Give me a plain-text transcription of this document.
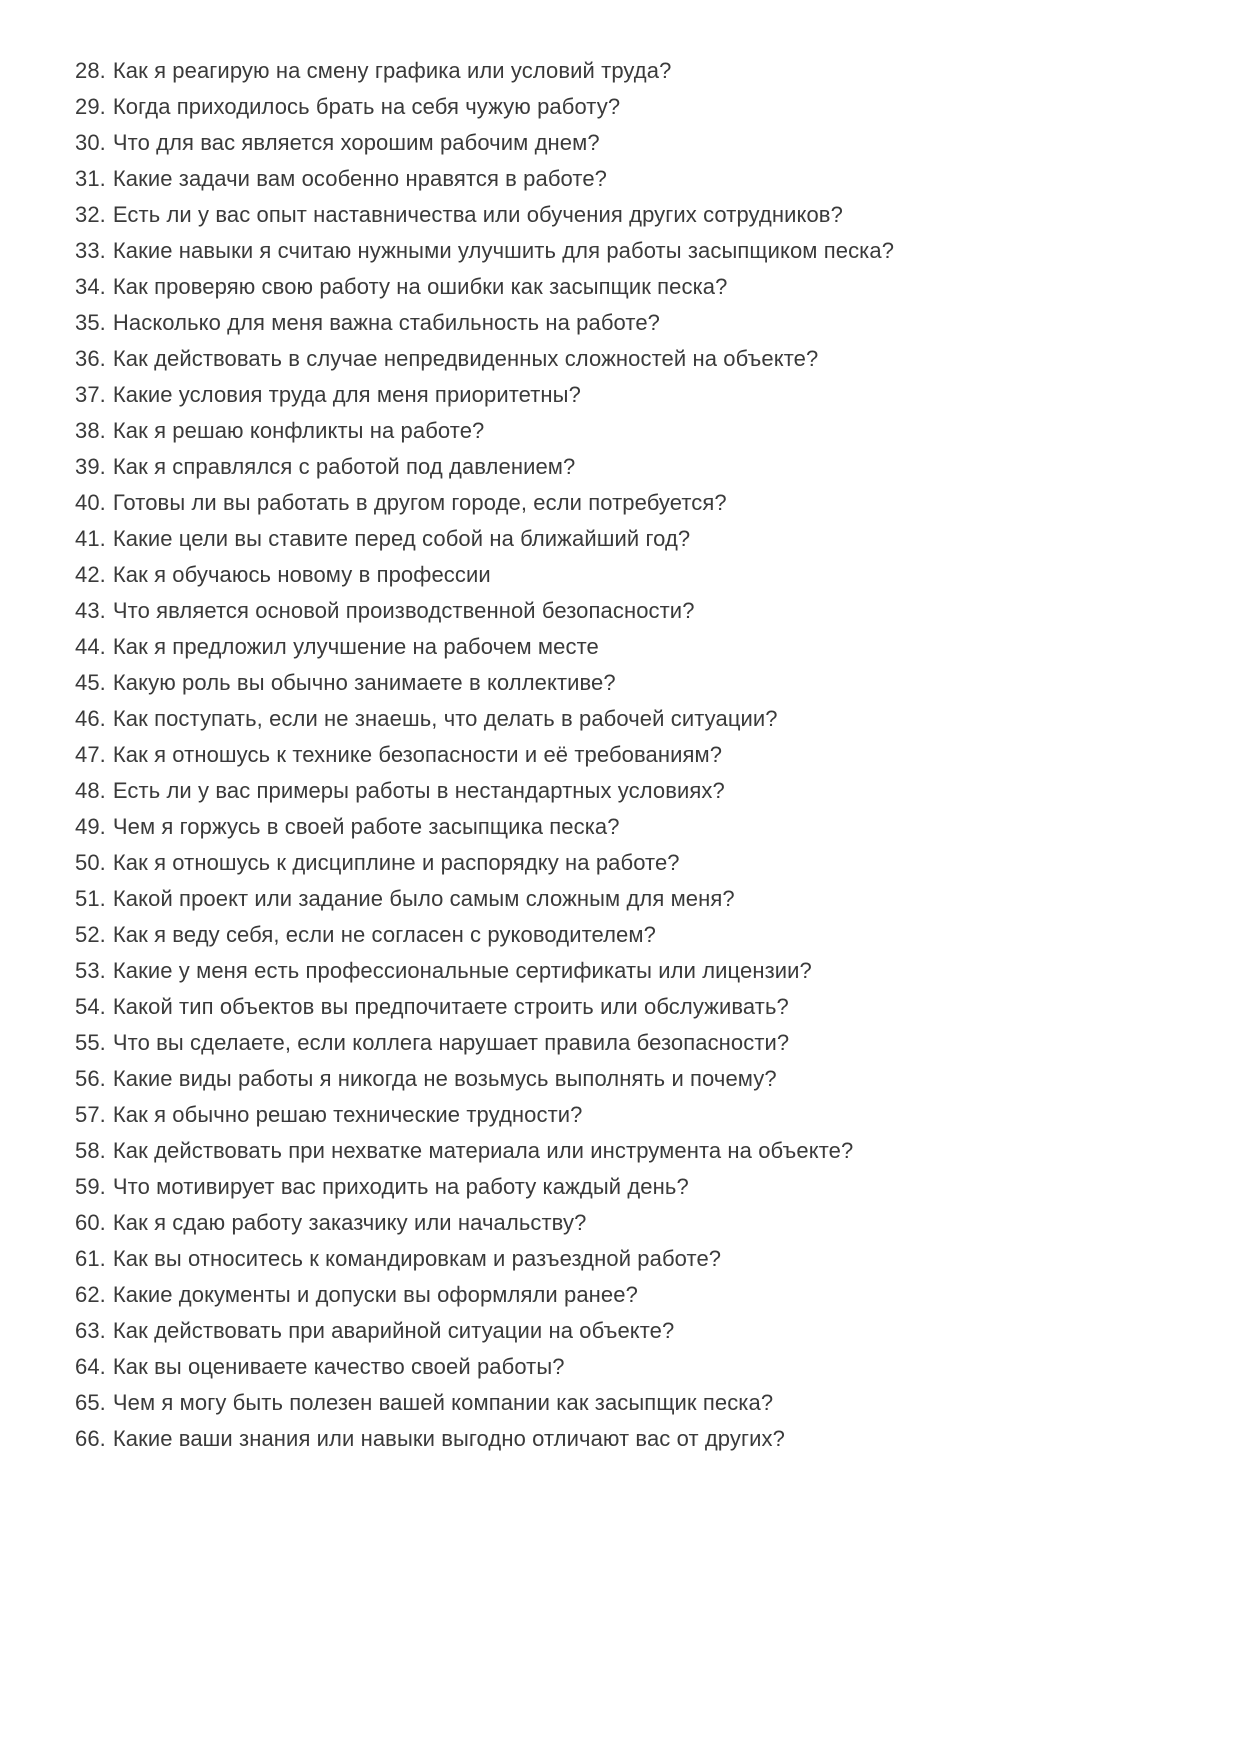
28. Как я реагирую на смену графика или условий труда?
29. Когда приходилось брать на себя чужую работу?
30. Что для вас является хорошим рабочим днем?
31. Какие задачи вам особенно нравятся в работе?
32. Есть ли у вас опыт наставничества или обучения других сотрудников?
33. Какие навыки я считаю нужными улучшить для работы засыпщиком песка?
34. Как проверяю свою работу на ошибки как засыпщик песка?
35. Насколько для меня важна стабильность на работе?
36. Как действовать в случае непредвиденных сложностей на объекте?
37. Какие условия труда для меня приоритетны?
38. Как я решаю конфликты на работе?
39. Как я справлялся с работой под давлением?
40. Готовы ли вы работать в другом городе, если потребуется?
41. Какие цели вы ставите перед собой на ближайший год?
42. Как я обучаюсь новому в профессии
43. Что является основой производственной безопасности?
44. Как я предложил улучшение на рабочем месте
45. Какую роль вы обычно занимаете в коллективе?
46. Как поступать, если не знаешь, что делать в рабочей ситуации?
47. Как я отношусь к технике безопасности и её требованиям?
48. Есть ли у вас примеры работы в нестандартных условиях?
49. Чем я горжусь в своей работе засыпщика песка?
50. Как я отношусь к дисциплине и распорядку на работе?
51. Какой проект или задание было самым сложным для меня?
52. Как я веду себя, если не согласен с руководителем?
53. Какие у меня есть профессиональные сертификаты или лицензии?
54. Какой тип объектов вы предпочитаете строить или обслуживать?
55. Что вы сделаете, если коллега нарушает правила безопасности?
56. Какие виды работы я никогда не возьмусь выполнять и почему?
57. Как я обычно решаю технические трудности?
58. Как действовать при нехватке материала или инструмента на объекте?
59. Что мотивирует вас приходить на работу каждый день?
60. Как я сдаю работу заказчику или начальству?
61. Как вы относитесь к командировкам и разъездной работе?
62. Какие документы и допуски вы оформляли ранее?
63. Как действовать при аварийной ситуации на объекте?
64. Как вы оцениваете качество своей работы?
65. Чем я могу быть полезен вашей компании как засыпщик песка?
66. Какие ваши знания или навыки выгодно отличают вас от других?
